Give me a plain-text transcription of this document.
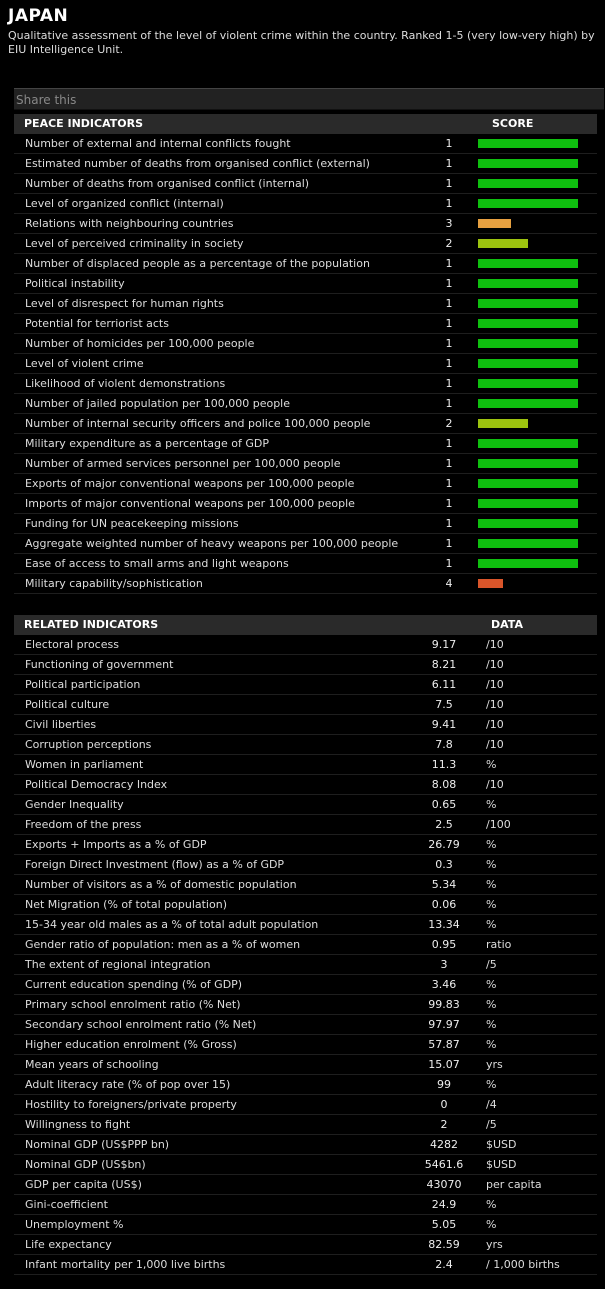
JAPAN
Qualitative assessment of the level of violent crime within the country. Ranked 1-5 (very low-very high) by EIU Intelligence Unit.
Share this
PEACE INDICATORS	SCORE
Number of external and internal conflicts fought	1
Estimated number of deaths from organised conflict (external)	1
Number of deaths from organised conflict (internal)	1
Level of organized conflict (internal)	1
Relations with neighbouring countries	3
Level of perceived criminality in society	2
Number of displaced people as a percentage of the population	1
Political instability	1
Level of disrespect for human rights	1
Potential for terriorist acts	1
Number of homicides per 100,000 people	1
Level of violent crime	1
Likelihood of violent demonstrations	1
Number of jailed population per 100,000 people	1
Number of internal security officers and police 100,000 people	2
Military expenditure as a percentage of GDP	1
Number of armed services personnel per 100,000 people	1
Exports of major conventional weapons per 100,000 people	1
Imports of major conventional weapons per 100,000 people	1
Funding for UN peacekeeping missions	1
Aggregate weighted number of heavy weapons per 100,000 people	1
Ease of access to small arms and light weapons	1
Military capability/sophistication	4
RELATED INDICATORS	DATA
Electoral process	9.17	/10
Functioning of government	8.21	/10
Political participation	6.11	/10
Political culture	7.5	/10
Civil liberties	9.41	/10
Corruption perceptions	7.8	/10
Women in parliament	11.3	%
Political Democracy Index	8.08	/10
Gender Inequality	0.65	%
Freedom of the press	2.5	/100
Exports + Imports as a % of GDP	26.79	%
Foreign Direct Investment (flow) as a % of GDP	0.3	%
Number of visitors as a % of domestic population	5.34	%
Net Migration (% of total population)	0.06	%
15-34 year old males as a % of total adult population	13.34	%
Gender ratio of population: men as a % of women	0.95	ratio
The extent of regional integration	3	/5
Current education spending (% of GDP)	3.46	%
Primary school enrolment ratio (% Net)	99.83	%
Secondary school enrolment ratio (% Net)	97.97	%
Higher education enrolment (% Gross)	57.87	%
Mean years of schooling	15.07	yrs
Adult literacy rate (% of pop over 15)	99	%
Hostility to foreigners/private property	0	/4
Willingness to fight	2	/5
Nominal GDP (US$PPP bn)	4282	$USD
Nominal GDP (US$bn)	5461.6	$USD
GDP per capita (US$)	43070	per capita
Gini-coefficient	24.9	%
Unemployment %	5.05	%
Life expectancy	82.59	yrs
Infant mortality per 1,000 live births	2.4	/ 1,000 births
